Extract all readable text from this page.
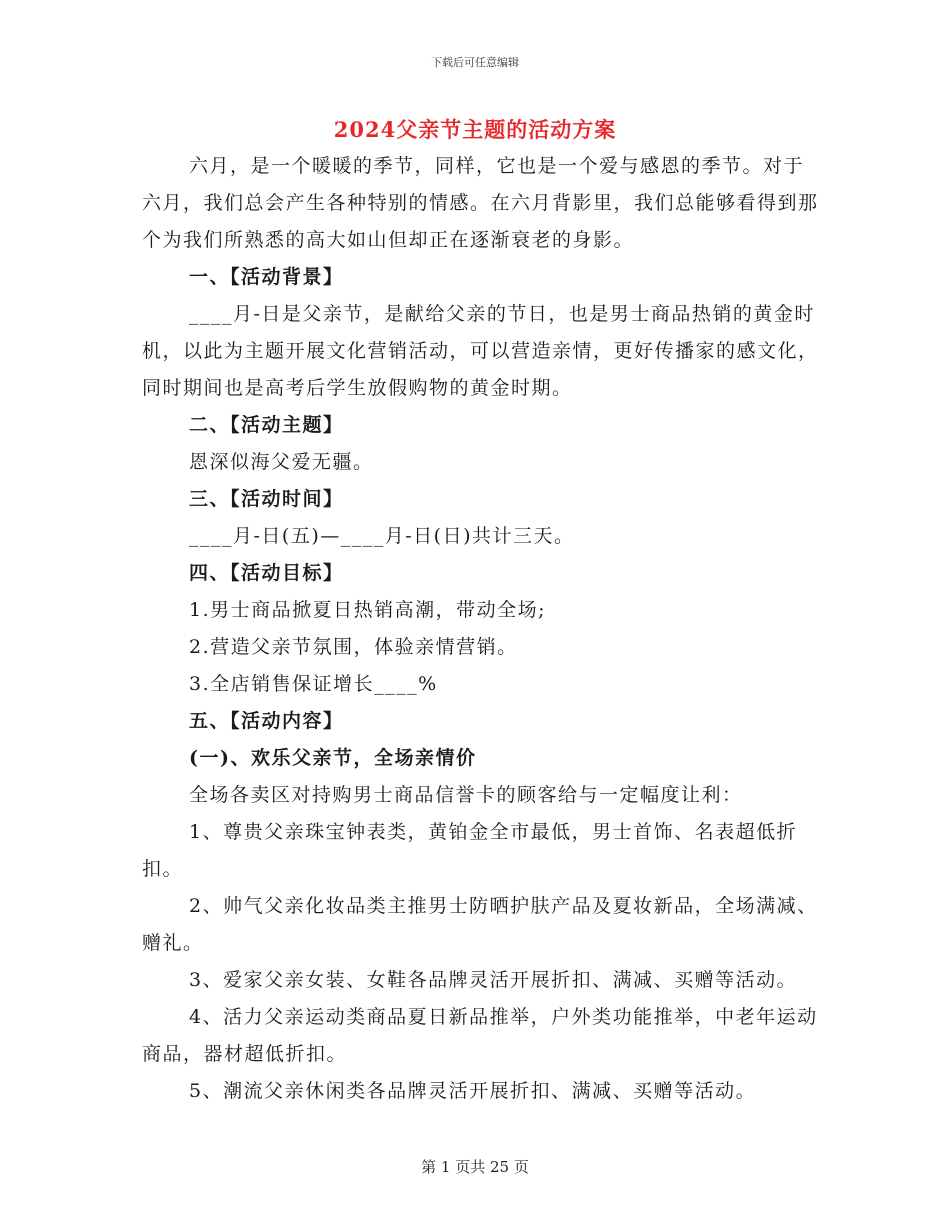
下载后可任意编辑
2024父亲节主题的活动方案

六月，是一个暖暖的季节，同样，它也是一个爱与感恩的季节。对于六月，我们总会产生各种特别的情感。在六月背影里，我们总能够看得到那个为我们所熟悉的高大如山但却正在逐渐衰老的身影。

一、【活动背景】

____月-日是父亲节，是献给父亲的节日，也是男士商品热销的黄金时机，以此为主题开展文化营销活动，可以营造亲情，更好传播家的感文化，同时期间也是高考后学生放假购物的黄金时期。

二、【活动主题】

恩深似海父爱无疆。

三、【活动时间】

____月-日(五)—____月-日(日)共计三天。

四、【活动目标】

1.男士商品掀夏日热销高潮，带动全场;

2.营造父亲节氛围，体验亲情营销。

3.全店销售保证增长____%

五、【活动内容】

(一)、欢乐父亲节，全场亲情价

全场各卖区对持购男士商品信誉卡的顾客给与一定幅度让利：

1、尊贵父亲珠宝钟表类，黄铂金全市最低，男士首饰、名表超低折扣。

2、帅气父亲化妆品类主推男士防晒护肤产品及夏妆新品，全场满减、赠礼。

3、爱家父亲女装、女鞋各品牌灵活开展折扣、满减、买赠等活动。

4、活力父亲运动类商品夏日新品推举，户外类功能推举，中老年运动商品，器材超低折扣。

5、潮流父亲休闲类各品牌灵活开展折扣、满减、买赠等活动。

第 1 页共 25 页
